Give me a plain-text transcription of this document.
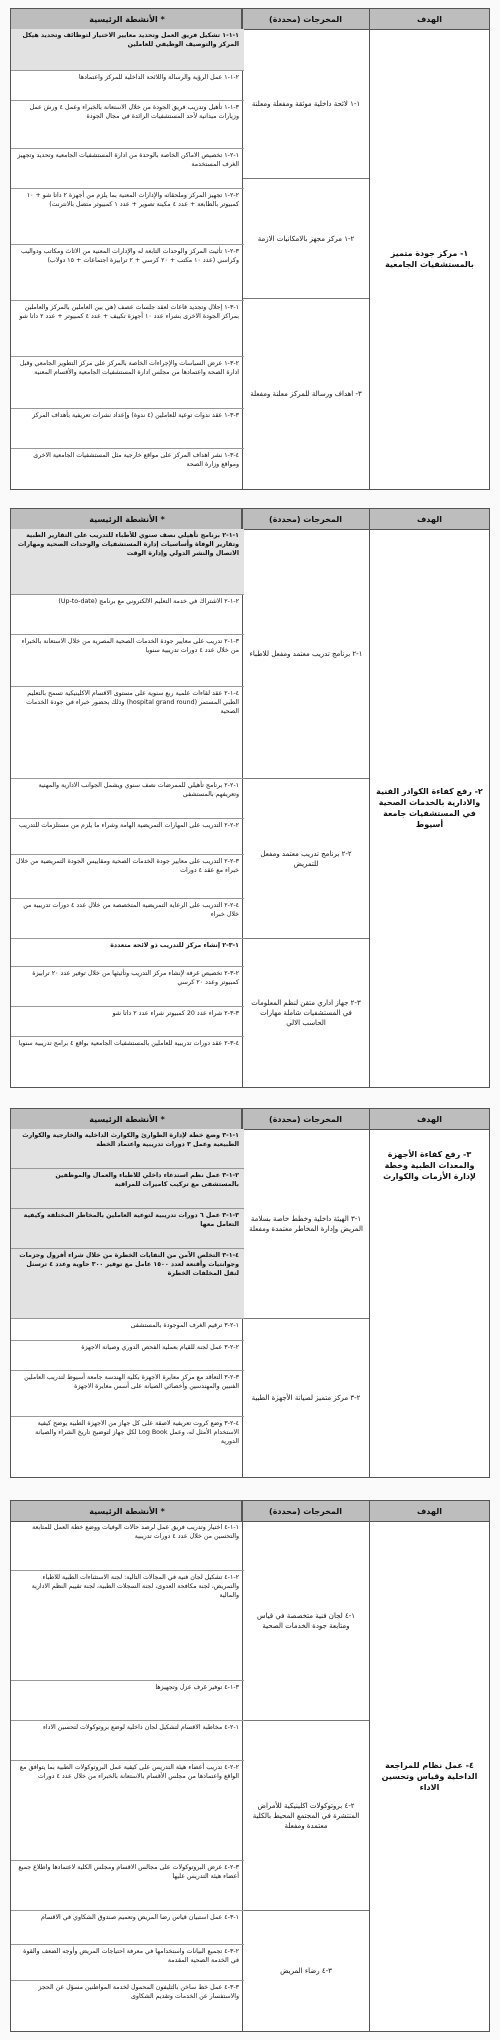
الهدف
المخرجات (محددة)
الأنشطة الرئيسية *
١- مركز جودة متميز بالمستشفيات الجامعية
١-١ لائحة داخلية موثقة ومفعلة ومعلنة
٢-١ مركز مجهز بالامكانيات الازمة
٣- اهداف ورسالة للمركز معلنة ومفعلة
١-١-١ تشكيل فريق العمل وتحديد معايير الاختيار لتوظائف وتحديد هيكل المركز والتوصيف الوظيفي للعاملين
٢-١-١ عمل الرؤية والرسالة واللائحة الداخلية للمركز واعتمادها
٣-١-١ تأهيل وتدريب فريق الجودة من خلال الاستعانة بالخبراء وعمل ٤ ورش عمل وزيارات ميدانية لأحد المستشفيات الرائدة في مجال الجودة
١-٢-١ تخصيص الاماكن الخاصة بالوحدة من ادارة المستشفيات الجامعية وتحديد وتجهيز الغرف المستخدمة
٢-٢-١ تجهيز المركز وملحقاته والإدارات المعنية بما يلزم من أجهزة ٢ داتا شو + ١٠ كمبيوتر بالطابعة + عدد ٤ مكينة تصوير + عدد ١ كمبيوتر متصل بالانترنت)
٣-٢-١ تأثيث المركز والوحدات التابعة له والإدارات المعنية من الاثاث ومكاتب ودواليب وكراسي (عدد ١٠ مكتب + ٢٠ كرسي + ٢ ترابيزة اجتماعات + ١٥ دولاب)
١-٣-١ إحلال وتجديد قاعات لعقد جلسات عصف (هي بين العاملين بالمركز والعاملين بمراكز الجودة الاخرى بشراء عدد ١٠ أجهزة تكييف + عدد ٤ كمبيوتر + عدد ٢ داتا شو
٢-٣-١ عرض السياسات والإجراءات الخاصة بالمركز على مركز التطوير الجامعي وقبل ادارة الصحة واعتمادها من مجلس ادارة المستشفيات الجامعية والأقسام المعنية
٣-٣-١ عقد ندوات توعية للعاملين (٤ ندوة) وإعداد نشرات تعريفية بأهداف المركز
٤-٣-١ نشر اهداف المركز على مواقع خارجية مثل المستشفيات الجامعية الاخرى ومواقع وزارة الصحة
الهدف
المخرجات (محددة)
الأنشطة الرئيسية *
٢- رفع كفاءة الكوادر الفنية والادارية بالخدمات الصحية في المستشفيات جامعة أسيوط
١-٢ برنامج تدريب معتمد ومفعل للاطباء
٢-٢ برنامج تدريب معتمد ومفعل للتمريض
٣-٢ جهاز اداري متقن لنظم المعلومات في المستشفيات شاملة مهارات الحاسب الالي
١-١-٢ برنامج تأهيلي نصف سنوي للأطباء للتدريب على التقارير الطبية وتقارير الوفاة وأساسيات إدارة المستشفيات والوحدات الصحية ومهارات الاتصال والنشر الدولي وإدارة الوقت
٢-١-٢ الاشتراك في خدمة التعليم الالكتروني مع برنامج (Up-to-date)
٣-١-٢ تدريب على معايير جودة الخدمات الصحية المصرية من خلال الاستعانة بالخبراء من خلال عدد ٤ دورات تدريبية سنويا
٤-١-٢ عقد لقاءات علمية ربع سنوية على مستوى الاقسام الاكلينيكية تسمح بالتعليم الطبي المستمر (hospital grand round) وذلك بحضور خبراء في جودة الخدمات الصحية
١-٢-٢ برنامج تأهيلي للممرضات نصف سنوي ويشمل الجوانب الادارية والمهنية وتعريفهم بالمستشفى
٢-٢-٢ التدريب على المهارات التمريضية الهامة وشراء ما يلزم من مستلزمات للتدريب
٣-٢-٢ التدريب على معايير جودة الخدمات الصحية ومقاييس الجودة التمريضية من خلال خبراء مع عقد ٤ دورات
٤-٢-٢ التدريب على الرعاية التمريضية المتخصصة من خلال عدد ٤ دورات تدريبية من خلال خبراء
١-٣-٢ إنشاء مركز للتدريب ذو لائحة متعددة
٢-٣-٢ تخصيص غرفة لإنشاء مركز التدريب وتأثيثها من خلال توفير عدد ٢٠ ترابيزة كمبيوتر وعدد ٢٠ كرسي
٣-٣-٢ شراء عدد 20 كمبيوتر شراء عدد ٢ داتا شو
٤-٣-٢ عقد دورات تدريبية للعاملين بالمستشفيات الجامعية بواقع ٤ برامج تدريبية سنويا
الهدف
المخرجات (محددة)
الأنشطة الرئيسية *
٣- رفع كفاءة الأجهزة والمعدات الطبية وخطة لإدارة الأزمات والكوارث
١-٣ الهيئة داخلية وخطط خاصة بسلامة المريض وإدارة المخاطر معتمدة ومفعلة
٢-٣ مركز متميز لصيانة الأجهزة الطبية
١-١-٣ وضع خطة لإدارة الطوارئ والكوارث الداخلية والخارجية والكوارث الطبيعية وعمل ٣ دورات تدريبية واعتماد الخطة
٢-١-٣ عمل نظم استدعاء داخلي للاطباء والعمال والموظفين بالمستشفى مع تركيب كاميرات للمراقبة
٣-١-٣ عمل ٦ دورات تدريبية لتوعية العاملين بالمخاطر المختلفة وكيفية التعامل معها
٤-١-٣ التخلص الآمن من النفايات الخطرة من خلال شراء أفرول وجزمات وجوانتيات وأقنعة لعدد ١٥٠٠ عامل مع توفير ٣٠٠ حاوية وعدد ٤ ترسنل لنقل المخلفات الخطرة
١-٢-٣ ترقيم الغرف الموجودة بالمستشفى
٢-٢-٣ عمل لجنة للقيام بعملية الفحص الدوري وصيانة الاجهزة
٣-٢-٣ التعاقد مع مركز معايرة الاجهزة بكلية الهندسة جامعة أسيوط لتدريب العاملين الفنيين والمهندسين وأخصائي الصيانة على أسس معايرة الاجهزة
٤-٢-٣ وضع كروت تعريفية لاصقة على كل جهاز من الاجهزة الطبية يوضح كيفية الاستخدام الأمثل له، وعمل Log Book لكل جهاز لتوضيح تاريخ الشراء والصيانة الدورية
الهدف
المخرجات (محددة)
الأنشطة الرئيسية *
٤- عمل نظام للمراجعة الداخلية وقياس وتحسين الاداء
١-٤ لجان فنية متخصصة في قياس ومتابعة جودة الخدمات الصحية
٢-٤ بروتوكولات اكلينيكية للأمراض المنتشرة في المجتمع المحيط بالكلية معتمدة ومفعلة
٣-٤ رضاء المريض
١-١-٤ اختيار وتدريب فريق عمل لرصد حالات الوفيات ووضع خطة العمل للمتابعة والتحسين من خلال عدد ٤ دورات تدريبية
٢-١-٤ تشكيل لجان فنية في المجالات التالية: لجنة الاستثناءات الطبية للاطباء والتمريض، لجنة مكافحة العدوى، لجنة السجلات الطبية، لجنة تقييم النظم الادارية والمالية
٣-١-٤ توفير غرف عزل وتجهيزها
١-٢-٤ مخاطبة الاقسام لتشكيل لجان داخلية لوضع بروتوكولات لتحسين الاداء
٢-٢-٤ تدريب أعضاء هيئة التدريس على كيفية عمل البروتوكولات الطبية بما يتوافق مع الواقع واعتمادها من مجلس الأقسام بالاستعانة بالخبراء من خلال عدد ٤ دورات
٣-٢-٤ عرض البروتوكولات على مجالس الاقسام ومجلس الكلية لاعتمادها واطلاع جميع أعضاء هيئة التدريس عليها
١-٣-٤ عمل استبيان قياس رضا المريض وتعميم صندوق الشكاوي في الاقسام
٢-٣-٤ تجميع البيانات واستخدامها في معرفة احتياجات المريض وأوجه الضعف والقوة في الخدمة الصحية المقدمة
٣-٣-٤ عمل خط ساخن بالتليفون المحمول لخدمة المواطنين مسؤل عن الحجز والاستفسار عن الخدمات وتقديم الشكاوى
